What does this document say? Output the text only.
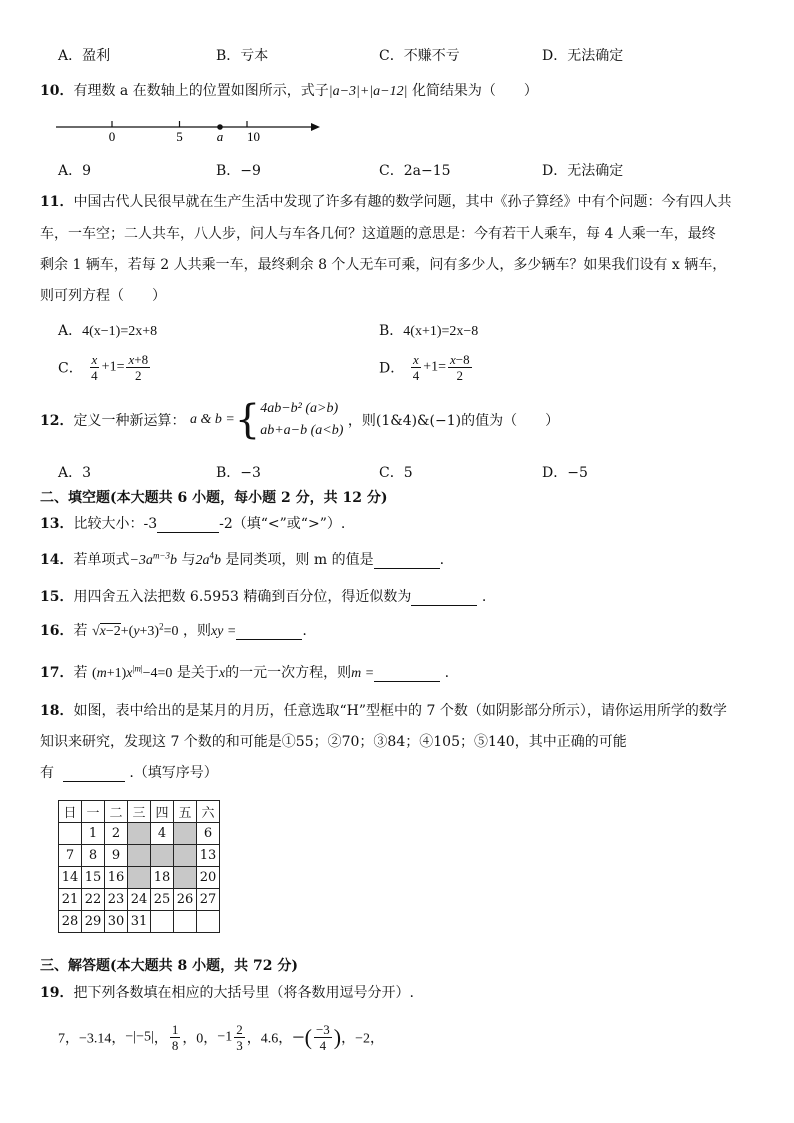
A．盈利	B．亏本	C．不赚不亏	D．无法确定
10．有理数 a 在数轴上的位置如图所示，式子|a−3|+|a−12| 化简结果为（　　）
0	5	10
a
A．9	B．−9	C．2a−15	D．无法确定
11．中国古代人民很早就在生产生活中发现了许多有趣的数学问题，其中《孙子算经》中有个问题：今有四人共
车，一车空；二人共车，八人步，问人与车各几何？这道题的意思是：今有若干人乘车，每 4 人乘一车，最终
剩余 1 辆车，若每 2 人共乘一车，最终剩余 8 个人无车可乘，问有多少人，多少辆车？如果我们设有 x 辆车，
则可列方程（　　）
A．4(x−1)=2x+8	B．4(x+1)=2x−8
C． $\frac{x}{4} +1= \frac{x+8}{2}$	D． $\frac{x}{4} +1= \frac{x-8}{2}$
12．定义一种新运算： a & b ={ 4ab−b² (a>b)
ab+a−b (a<b)
，则(1&4)&(−1)的值为（　　）
A．3	B．−3	C．5	D．−5
二、填空题(本大题共 6 小题，每小题 2 分，共 12 分)
13．比较大小：-3	-2（填“<”或“>”）.
14．若单项式$-3a^{m-3}b$ 与$2a^4b$ 是同类项，则 m 的值是	.
15．用四舍五入法把数 6.5953 精确到百分位，得近似数为	.
16．若 $√x-2+(y+3)^2=0$ ，则xy =	.
17．若 $(m+1)x^{|m|}-4=0$ 是关于x的一元一次方程，则m =	.
18．如图，表中给出的是某月的月历，任意选取“H”型框中的 7 个数（如阴影部分所示），请你运用所学的数学
知识来研究，发现这 7 个数的和可能是①55；②70；③84；④105；⑤140，其中正确的可能
有	.（填写序号）
日	一	二	三	四	五	六
	1	2		4		6
7	8	9				13
14	15	16		18		20
21	22	23	24	25	26	27
28	29	30	31			
三、解答题(本大题共 8 小题，共 72 分)
19．把下列各数填在相应的大括号里（将各数用逗号分开）.
7，−3.14，−|−5|， $\frac{1}{8}$ ，0，$-1 \frac{2}{3}$ ，4.6，−( $\frac{-3}{4}$ )，−2，
